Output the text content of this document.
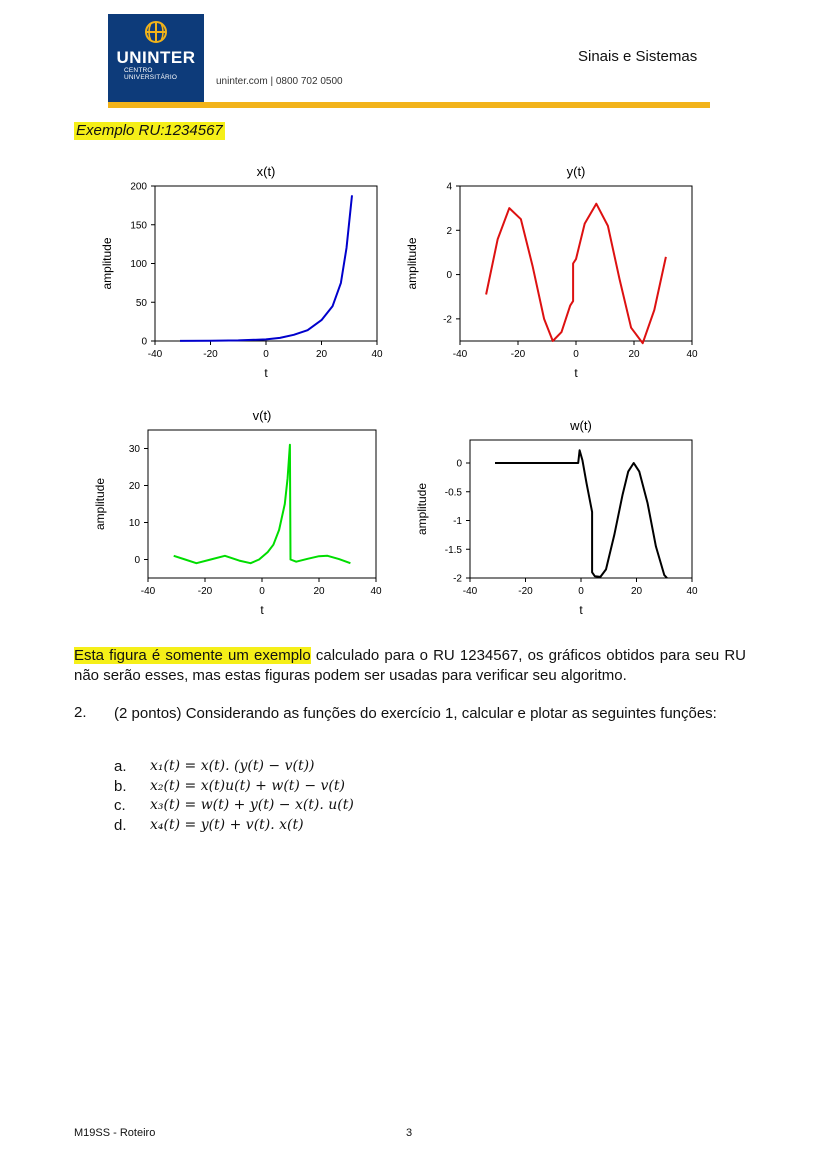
UNINTER
CENTRO
UNIVERSITÁRIO	uninter.com | 0800 702 0500
Sinais e Sistemas
Exemplo RU:1234567
x(t)
-40	-20	0	20	40
0
50
100
150
200
t
amplitude
y(t)
-40	-20	0	20	40
-2
0
2
4
t
amplitude
v(t)
-40	-20	0	20	40
0
10
20
30
t
amplitude
w(t)
-40	-20	0	20	40
-2
-1.5
-1
-0.5
0
t
amplitude
Esta figura é somente um exemplo calculado para o RU 1234567, os gráficos obtidos para seu RU não serão esses, mas estas figuras podem ser usadas para verificar seu algoritmo.
2. (2 pontos) Considerando as funções do exercício 1, calcular e plotar as seguintes funções:
a. x₁(t) = x(t). (y(t) − v(t))
b. x₂(t) = x(t)u(t) + w(t) − v(t)
c. x₃(t) = w(t) + y(t) − x(t). u(t)
d. x₄(t) = y(t) + v(t). x(t)
M19SS - Roteiro	3
